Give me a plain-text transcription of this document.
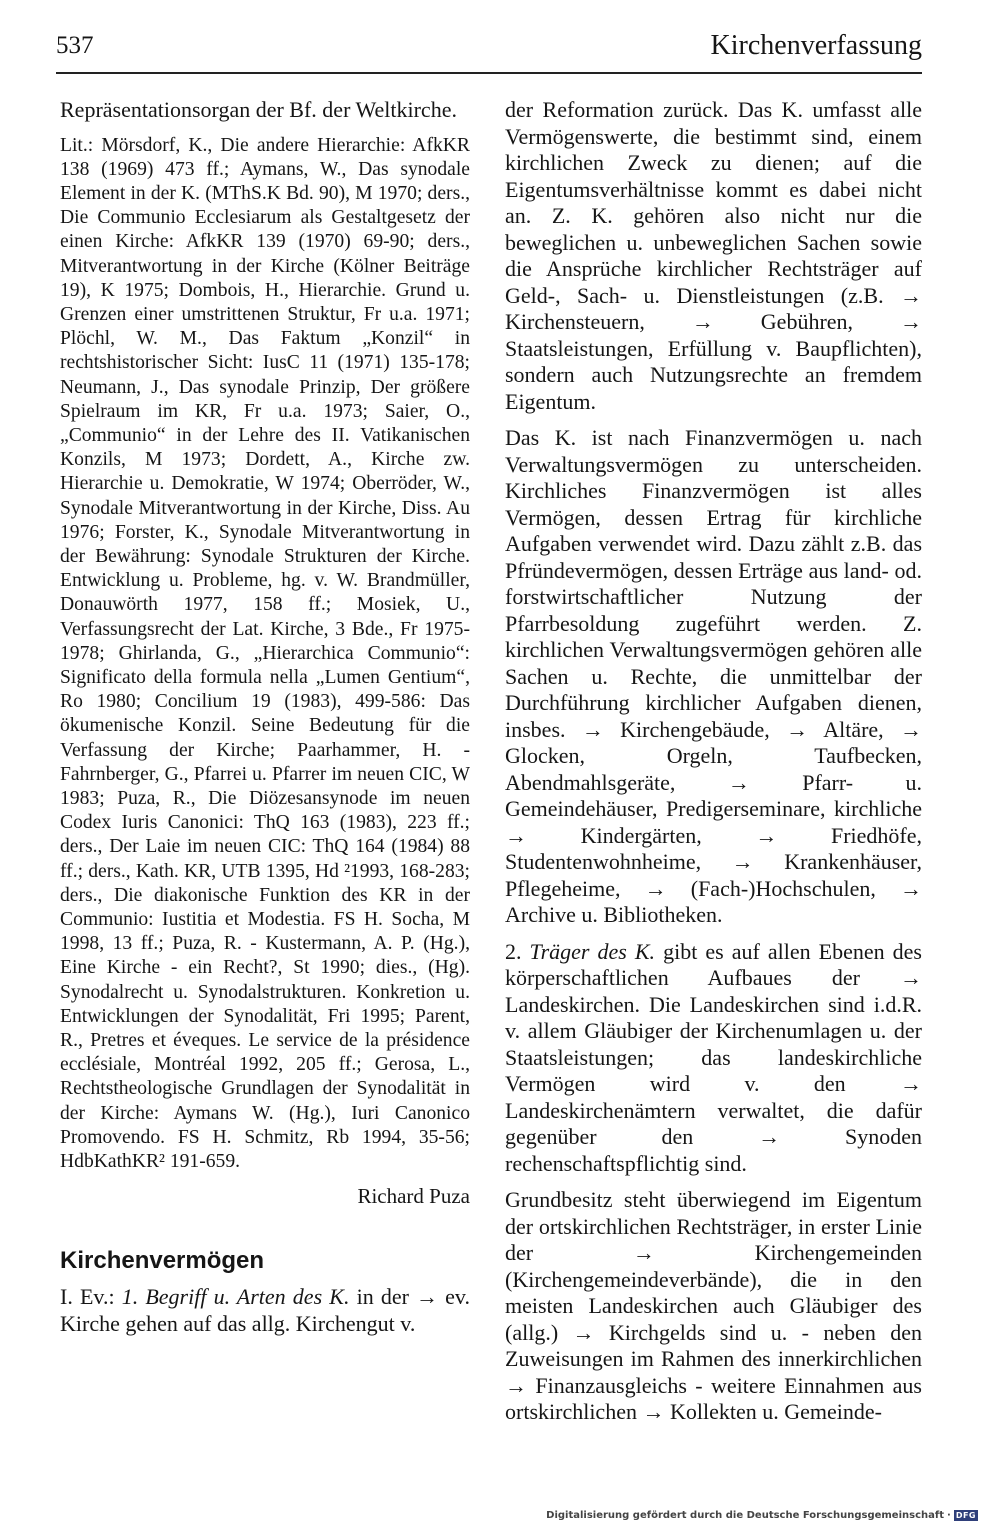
537	Kirchenverfassung

Repräsentationsorgan der Bf. der Weltkirche.

Lit.: Mörsdorf, K., Die andere Hierarchie: AfkKR 138 (1969) 473 ff.; Aymans, W., Das synodale Element in der K. (MThS.K Bd. 90), M 1970; ders., Die Communio Ecclesiarum als Gestaltgesetz der einen Kirche: AfkKR 139 (1970) 69-90; ders., Mitverantwortung in der Kirche (Kölner Beiträge 19), K 1975; Dombois, H., Hierarchie. Grund u. Grenzen einer umstrittenen Struktur, Fr u.a. 1971; Plöchl, W. M., Das Faktum „Konzil“ in rechtshistorischer Sicht: IusC 11 (1971) 135-178; Neumann, J., Das synodale Prinzip, Der größere Spielraum im KR, Fr u.a. 1973; Saier, O., „Communio“ in der Lehre des II. Vatikanischen Konzils, M 1973; Dordett, A., Kirche zw. Hierarchie u. Demokratie, W 1974; Oberröder, W., Synodale Mitverantwortung in der Kirche, Diss. Au 1976; Forster, K., Synodale Mitverantwortung in der Bewährung: Synodale Strukturen der Kirche. Entwicklung u. Probleme, hg. v. W. Brandmüller, Donauwörth 1977, 158 ff.; Mosiek, U., Verfassungsrecht der Lat. Kirche, 3 Bde., Fr 1975-1978; Ghirlanda, G., „Hierarchica Communio“: Significato della formula nella „Lumen Gentium“, Ro 1980; Concilium 19 (1983), 499-586: Das ökumenische Konzil. Seine Bedeutung für die Verfassung der Kirche; Paarhammer, H. - Fahrnberger, G., Pfarrei u. Pfarrer im neuen CIC, W 1983; Puza, R., Die Diözesansynode im neuen Codex Iuris Canonici: ThQ 163 (1983), 223 ff.; ders., Der Laie im neuen CIC: ThQ 164 (1984) 88 ff.; ders., Kath. KR, UTB 1395, Hd ²1993, 168-283; ders., Die diakonische Funktion des KR in der Communio: Iustitia et Modestia. FS H. Socha, M 1998, 13 ff.; Puza, R. - Kustermann, A. P. (Hg.), Eine Kirche - ein Recht?, St 1990; dies., (Hg). Synodalrecht u. Synodalstrukturen. Konkretion u. Entwicklungen der Synodalität, Fri 1995; Parent, R., Pretres et éveques. Le service de la présidence ecclésiale, Montréal 1992, 205 ff.; Gerosa, L., Rechtstheologische Grundlagen der Synodalität in der Kirche: Aymans W. (Hg.), Iuri Canonico Promovendo. FS H. Schmitz, Rb 1994, 35-56; HdbKathKR² 191-659.

Richard Puza

Kirchenvermögen

I. Ev.: 1. Begriff u. Arten des K. in der → ev. Kirche gehen auf das allg. Kirchengut v.

der Reformation zurück. Das K. umfasst alle Vermögenswerte, die bestimmt sind, einem kirchlichen Zweck zu dienen; auf die Eigentumsverhältnisse kommt es dabei nicht an. Z. K. gehören also nicht nur die beweglichen u. unbeweglichen Sachen sowie die Ansprüche kirchlicher Rechtsträger auf Geld-, Sach- u. Dienstleistungen (z.B. → Kirchensteuern, → Gebühren, → Staatsleistungen, Erfüllung v. Baupflichten), sondern auch Nutzungsrechte an fremdem Eigentum.

Das K. ist nach Finanzvermögen u. nach Verwaltungsvermögen zu unterscheiden. Kirchliches Finanzvermögen ist alles Vermögen, dessen Ertrag für kirchliche Aufgaben verwendet wird. Dazu zählt z.B. das Pfründevermögen, dessen Erträge aus land- od. forstwirtschaftlicher Nutzung der Pfarrbesoldung zugeführt werden. Z. kirchlichen Verwaltungsvermögen gehören alle Sachen u. Rechte, die unmittelbar der Durchführung kirchlicher Aufgaben dienen, insbes. → Kirchengebäude, → Altäre, → Glocken, Orgeln, Taufbecken, Abendmahlsgeräte, → Pfarr- u. Gemeindehäuser, Predigerseminare, kirchliche → Kindergärten, → Friedhöfe, Studentenwohnheime, → Krankenhäuser, Pflegeheime, → (Fach-)Hochschulen, → Archive u. Bibliotheken.

2. Träger des K. gibt es auf allen Ebenen des körperschaftlichen Aufbaues der → Landeskirchen. Die Landeskirchen sind i.d.R. v. allem Gläubiger der Kirchenumlagen u. der Staatsleistungen; das landeskirchliche Vermögen wird v. den → Landeskirchenämtern verwaltet, die dafür gegenüber den → Synoden rechenschaftspflichtig sind.

Grundbesitz steht überwiegend im Eigentum der ortskirchlichen Rechtsträger, in erster Linie der → Kirchengemeinden (Kirchengemeindeverbände), die in den meisten Landeskirchen auch Gläubiger des (allg.) → Kirchgelds sind u. - neben den Zuweisungen im Rahmen des innerkirchlichen → Finanzausgleichs - weitere Einnahmen aus ortskirchlichen → Kollekten u. Gemeinde-

Digitalisierung gefördert durch die Deutsche Forschungsgemeinschaft · DFG
